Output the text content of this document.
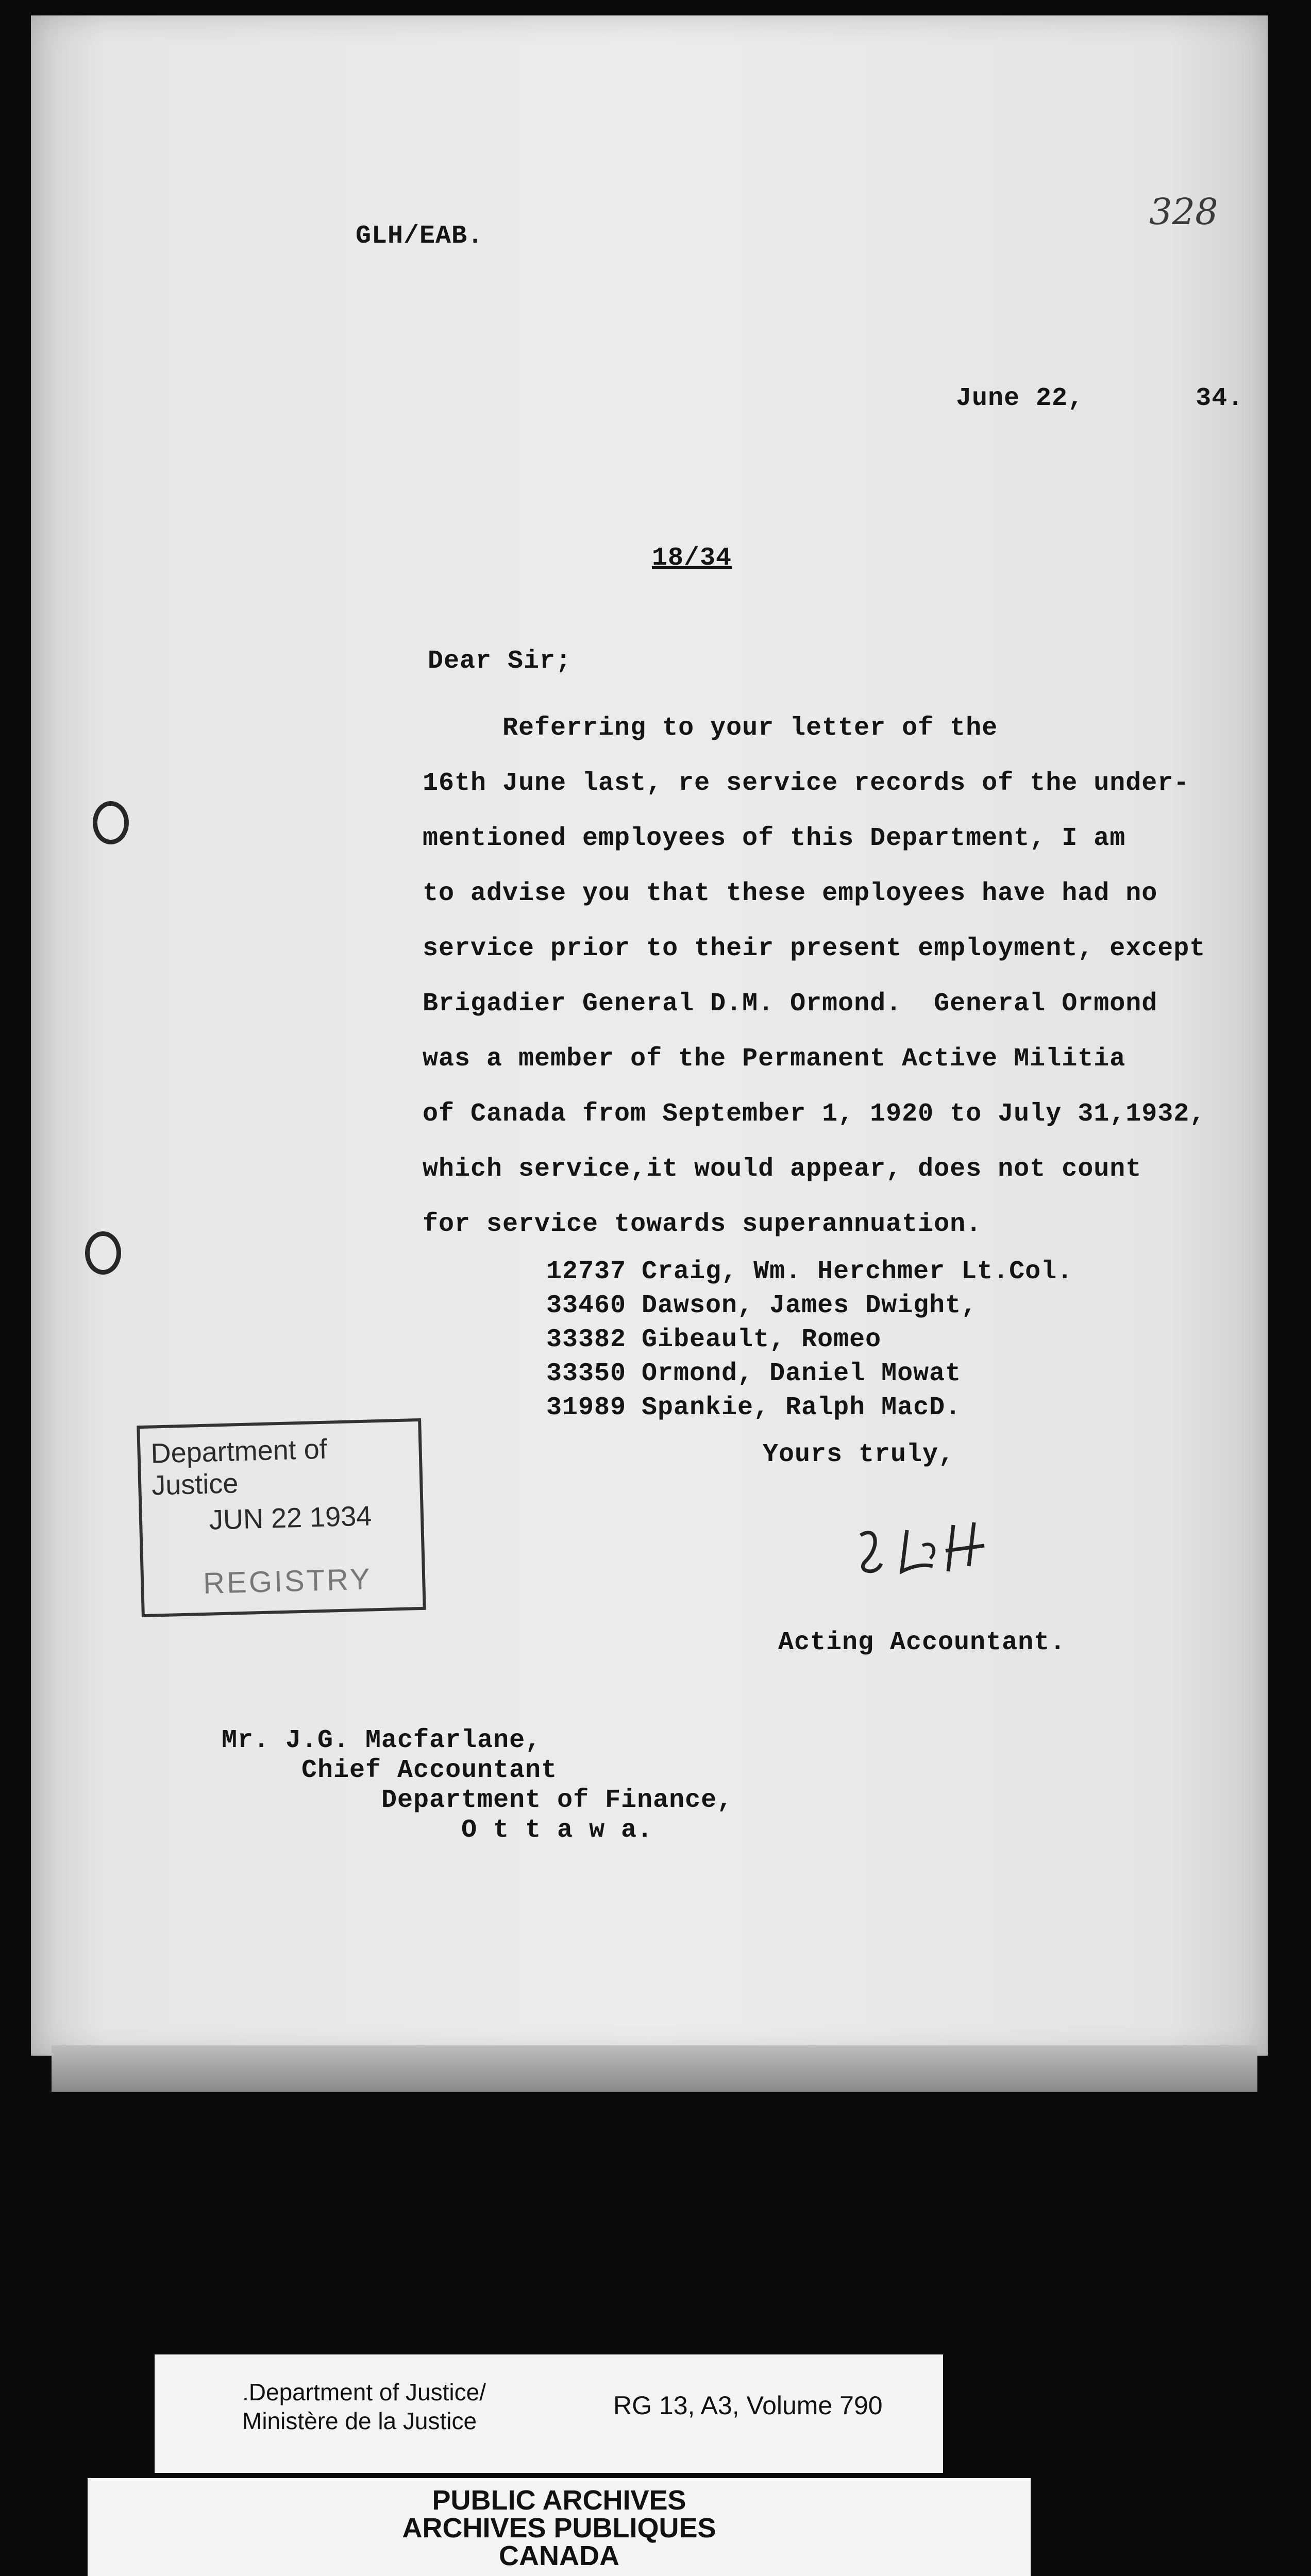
328
GLH/EAB.
June 22,       34.
18/34
Dear Sir;
Referring to your letter of the
16th June last, re service records of the under-
mentioned employees of this Department, I am
to advise you that these employees have had no
service prior to their present employment, except
Brigadier General D.M. Ormond.  General Ormond
was a member of the Permanent Active Militia
of Canada from September 1, 1920 to July 31,1932,
which service,it would appear, does not count
for service towards superannuation.
12737 Craig, Wm. Herchmer Lt.Col.
33460 Dawson, James Dwight,
33382 Gibeault, Romeo
33350 Ormond, Daniel Mowat
31989 Spankie, Ralph MacD.
Yours truly,
Department of Justice
JUN 22 1934
REGISTRY
Acting Accountant.
Mr. J.G. Macfarlane,
Chief Accountant
Department of Finance,
O t t a w a.
.Department of Justice/
Ministère de la Justice
RG 13, A3, Volume 790
PUBLIC ARCHIVES
ARCHIVES PUBLIQUES
CANADA
